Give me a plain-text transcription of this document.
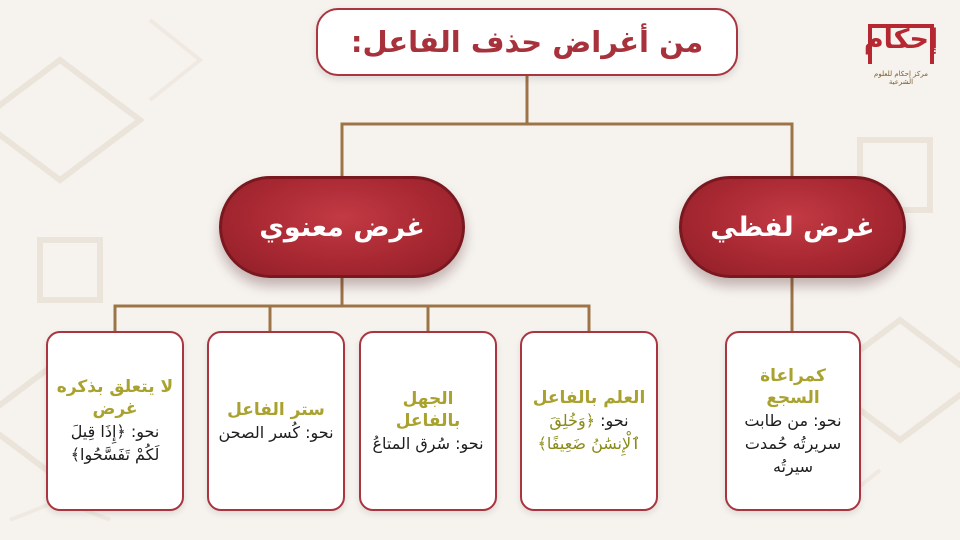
من أغراض حذف الفاعل:
غرض معنوي	غرض لفظي
لا يتعلق بذكره غرض
نحو: ﴿إِذَا قِيلَ لَكُمْ تَفَسَّحُوا﴾
ستر الفاعل
نحو: كُسر الصحن
الجهل بالفاعل
نحو: سُرق المتاعُ
العلم بالفاعل
نحو: ﴿وَخُلِقَ ٱلْإِنسَٰنُ ضَعِيفًا﴾
كمراعاة السجع
نحو: من طابت سريرتُه حُمدت سيرتُه
إحكام
مركز إحكام للعلوم الشرعية
